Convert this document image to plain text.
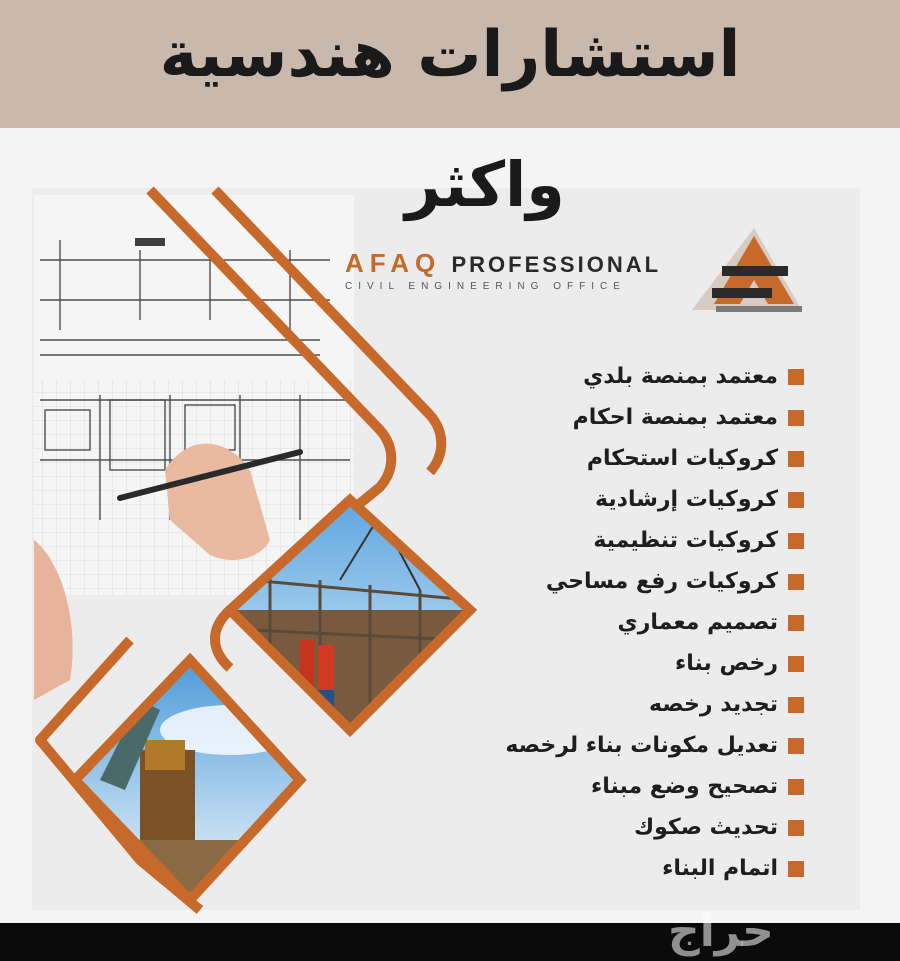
استشارات هندسية
واكثر
AFAQ PROFESSIONAL
CIVIL ENGINEERING OFFICE
معتمد بمنصة بلدي
معتمد بمنصة احكام
كروكيات استحكام
كروكيات إرشادية
كروكيات تنظيمية
كروكيات رفع مساحي
تصميم معماري
رخص بناء
تجديد رخصه
تعديل مكونات بناء لرخصه
تصحيح وضع مبناء
تحديث صكوك
اتمام البناء
حراج
